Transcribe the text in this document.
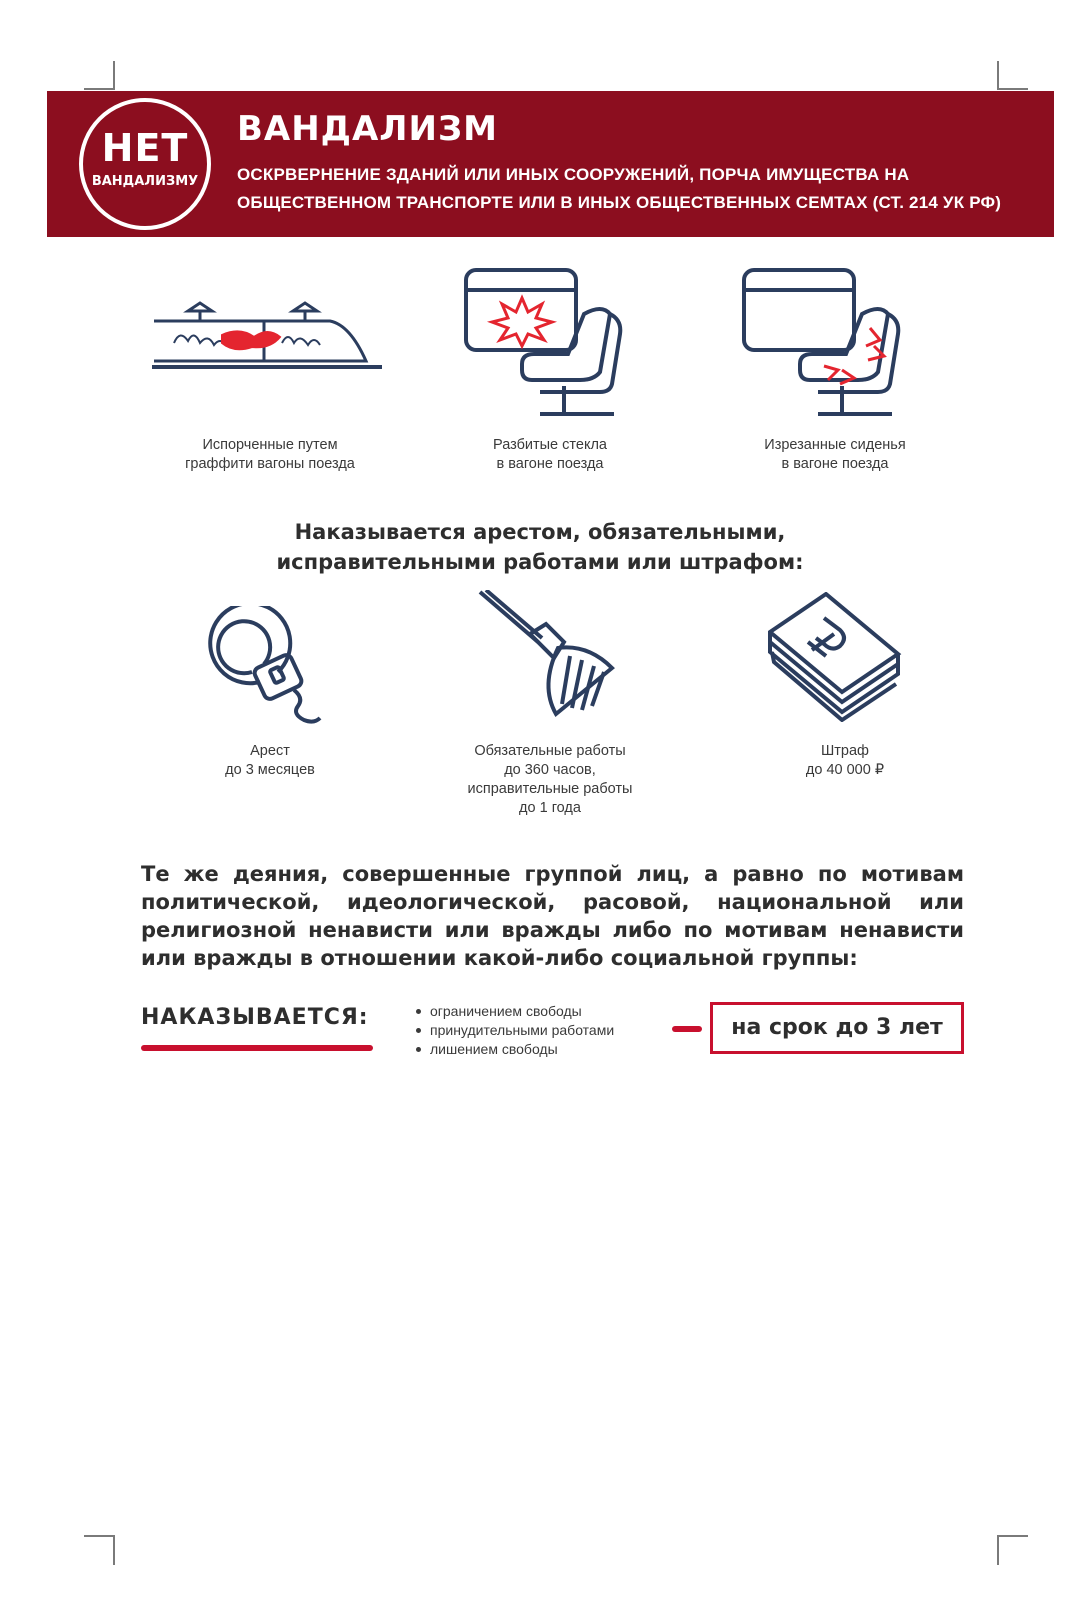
НЕТ
ВАНДАЛИЗМУ
ВАНДАЛИЗМ
ОСКРВЕРНЕНИЕ ЗДАНИЙ ИЛИ ИНЫХ СООРУЖЕНИЙ, ПОРЧА ИМУЩЕСТВА НА
ОБЩЕСТВЕННОМ ТРАНСПОРТЕ ИЛИ В ИНЫХ ОБЩЕСТВЕННЫХ СЕМТАХ (СТ. 214 УК РФ)
Испорченные путем
граффити вагоны поезда
Разбитые стекла
в вагоне поезда
Изрезанные сиденья
в вагоне поезда
Наказывается арестом, обязательными,
исправительными работами или штрафом:
Арест
до 3 месяцев
Обязательные работы
до 360 часов,
исправительные работы
до 1 года
Штраф
до 40 000 ₽
Те же деяния, совершенные группой лиц, а равно по мотивам
политической, идеологической, расовой, национальной или
религиозной ненависти или вражды либо по мотивам ненависти
или вражды в отношении какой-либо социальной группы:
НАКАЗЫВАЕТСЯ:	ограничением свободы
принудительными работами
лишением свободы
на срок до 3 лет
